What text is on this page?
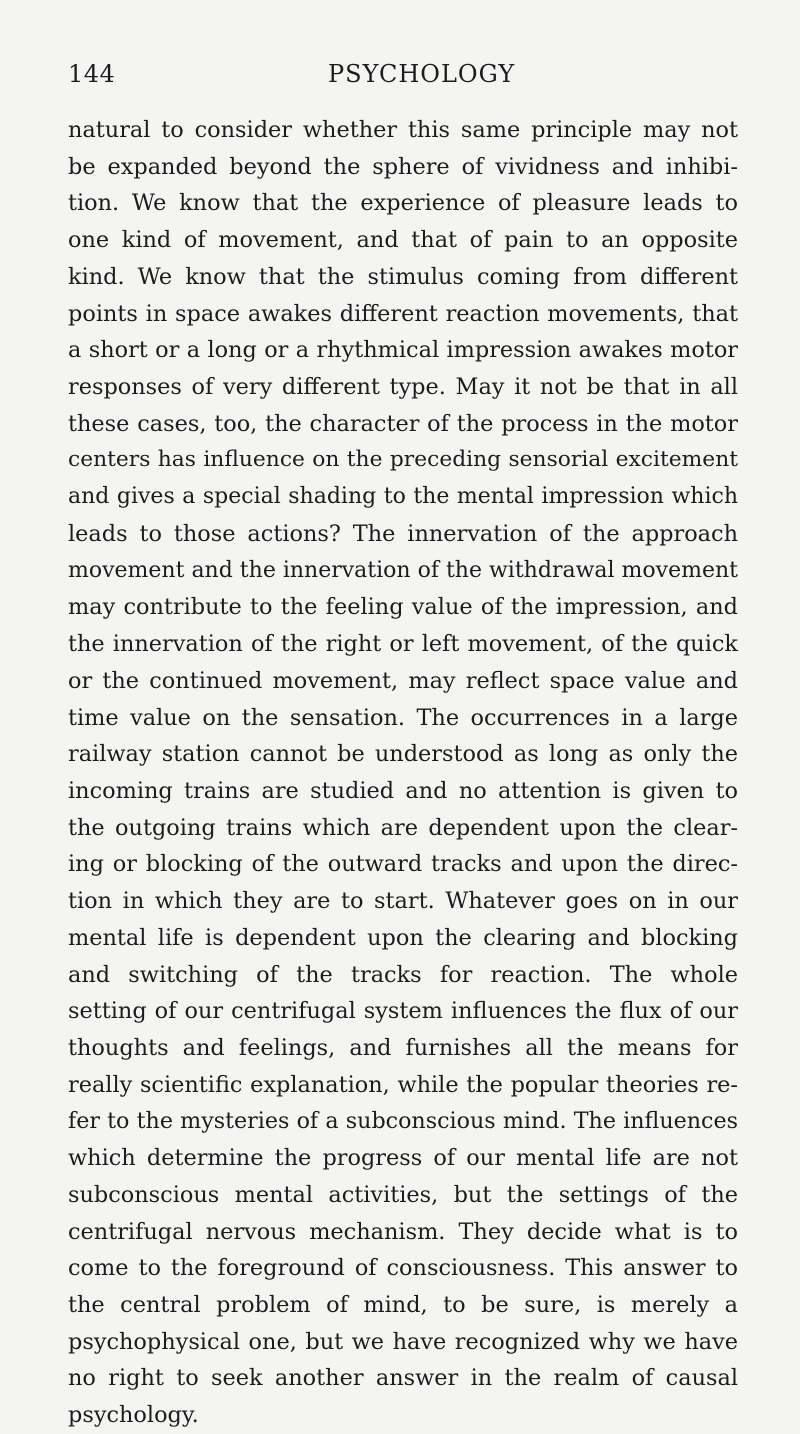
144	PSYCHOLOGY
natural to consider whether this same principle may not
be expanded beyond the sphere of vividness and inhibi-
tion. We know that the experience of pleasure leads to
one kind of movement, and that of pain to an opposite
kind. We know that the stimulus coming from different
points in space awakes different reaction movements, that
a short or a long or a rhythmical impression awakes motor
responses of very different type. May it not be that in all
these cases, too, the character of the process in the motor
centers has influence on the preceding sensorial excitement
and gives a special shading to the mental impression which
leads to those actions? The innervation of the approach
movement and the innervation of the withdrawal movement
may contribute to the feeling value of the impression, and
the innervation of the right or left movement, of the quick
or the continued movement, may reflect space value and
time value on the sensation. The occurrences in a large
railway station cannot be understood as long as only the
incoming trains are studied and no attention is given to
the outgoing trains which are dependent upon the clear-
ing or blocking of the outward tracks and upon the direc-
tion in which they are to start. Whatever goes on in our
mental life is dependent upon the clearing and blocking
and switching of the tracks for reaction. The whole
setting of our centrifugal system influences the flux of our
thoughts and feelings, and furnishes all the means for
really scientific explanation, while the popular theories re-
fer to the mysteries of a subconscious mind. The influences
which determine the progress of our mental life are not
subconscious mental activities, but the settings of the
centrifugal nervous mechanism. They decide what is to
come to the foreground of consciousness. This answer to
the central problem of mind, to be sure, is merely a
psychophysical one, but we have recognized why we have
no right to seek another answer in the realm of causal
psychology.
